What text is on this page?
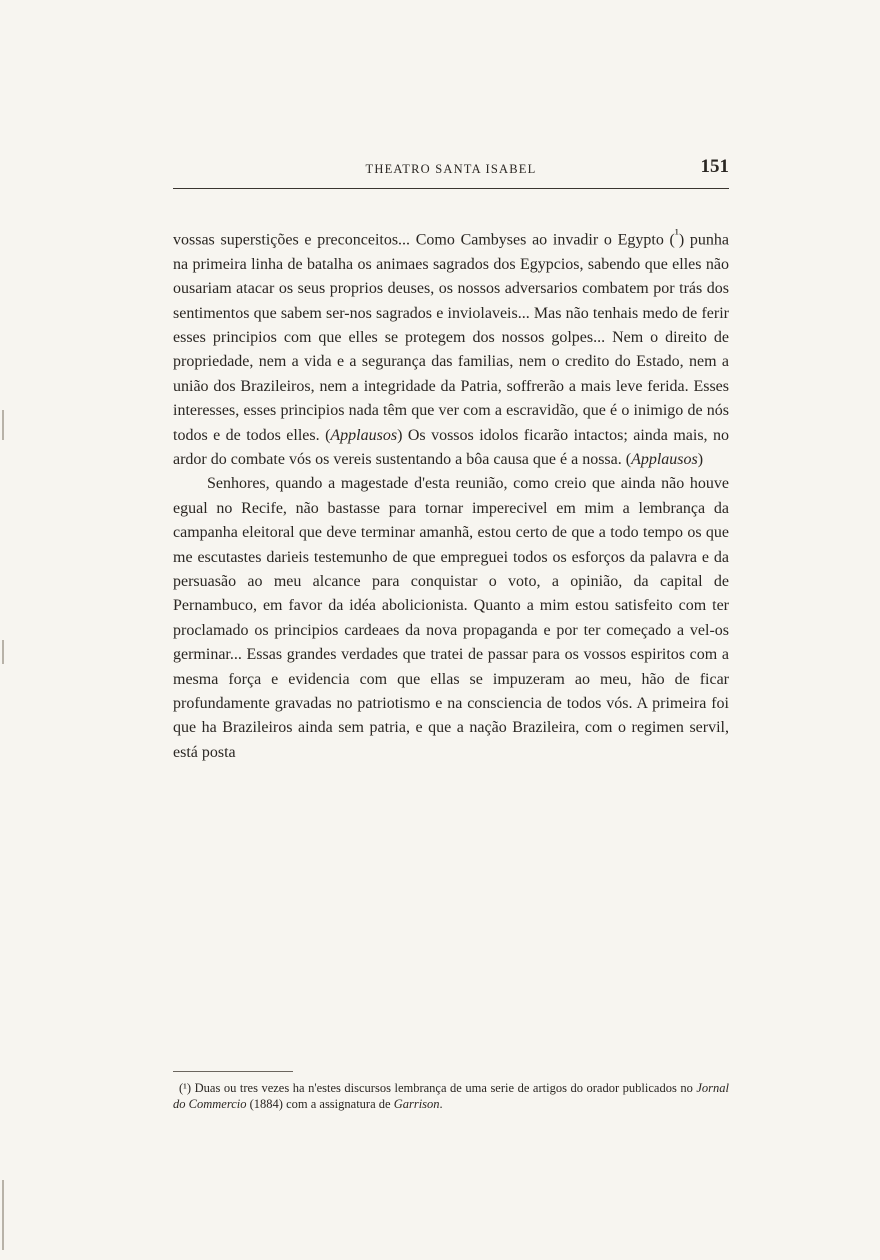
THEATRO SANTA ISABEL	151

vossas superstições e preconceitos... Como Cambyses ao invadir o Egypto ($^{^1}$) punha na primeira linha de batalha os animaes sagrados dos Egypcios, sabendo que elles não ousariam atacar os seus proprios deuses, os nossos adversarios combatem por trás dos sentimentos que sabem ser-nos sagrados e inviolaveis... Mas não tenhais medo de ferir esses principios com que elles se protegem dos nossos golpes... Nem o direito de propriedade, nem a vida e a segurança das familias, nem o credito do Estado, nem a união dos Brazileiros, nem a integridade da Patria, soffrerão a mais leve ferida. Esses interesses, esses principios nada têm que ver com a escravidão, que é o inimigo de nós todos e de todos elles. (Applausos) Os vossos idolos ficarão intactos; ainda mais, no ardor do combate vós os vereis sustentando a bôa causa que é a nossa. (Applausos)

Senhores, quando a magestade d'esta reunião, como creio que ainda não houve egual no Recife, não bastasse para tornar imperecivel em mim a lembrança da campanha eleitoral que deve terminar amanhã, estou certo de que a todo tempo os que me escutastes darieis testemunho de que empreguei todos os esforços da palavra e da persuasão ao meu alcance para conquistar o voto, a opinião, da capital de Pernambuco, em favor da idéa abolicionista. Quanto a mim estou satisfeito com ter proclamado os principios cardeaes da nova propaganda e por ter começado a vel-os germinar... Essas grandes verdades que tratei de passar para os vossos espiritos com a mesma força e evidencia com que ellas se impuzeram ao meu, hão de ficar profundamente gravadas no patriotismo e na consciencia de todos vós. A primeira foi que ha Brazileiros ainda sem patria, e que a nação Brazileira, com o regimen servil, está posta

(¹) Duas ou tres vezes ha n'estes discursos lembrança de uma serie de artigos do orador publicados no Jornal do Commercio (1884) com a assignatura de Garrison.
